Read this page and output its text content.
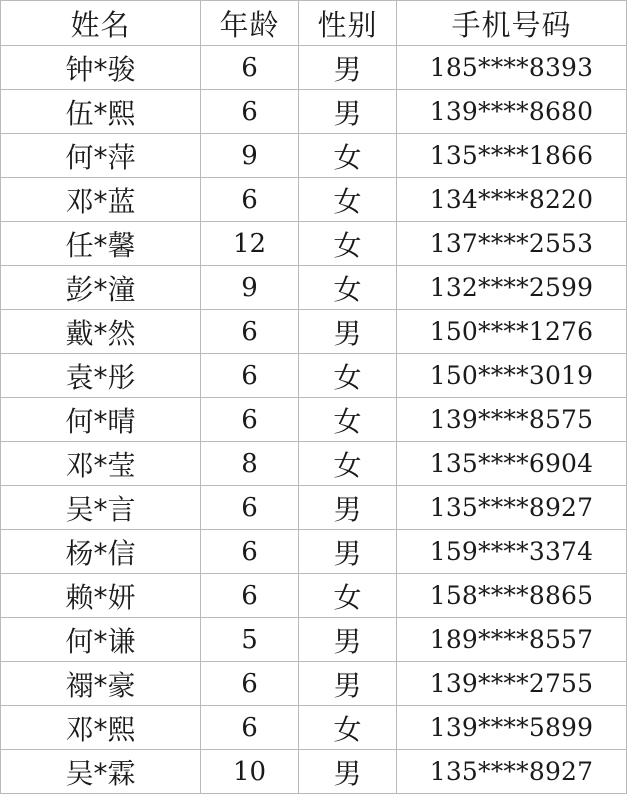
姓名	年龄	性别	手机号码
钟*骏	6	男	185****8393
伍*熙	6	男	139****8680
何*萍	9	女	135****1866
邓*蓝	6	女	134****8220
任*馨	12	女	137****2553
彭*潼	9	女	132****2599
戴*然	6	男	150****1276
袁*彤	6	女	150****3019
何*晴	6	女	139****8575
邓*莹	8	女	135****6904
吴*言	6	男	135****8927
杨*信	6	男	159****3374
赖*妍	6	女	158****8865
何*谦	5	男	189****8557
禤*豪	6	男	139****2755
邓*熙	6	女	139****5899
吴*霖	10	男	135****8927
